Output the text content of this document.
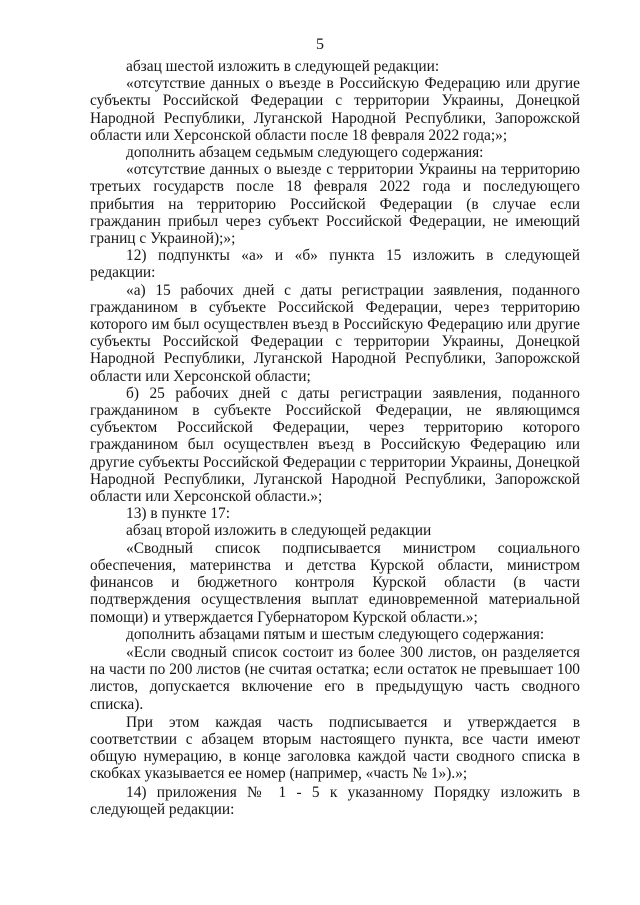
5

абзац шестой изложить в следующей редакции:

«отсутствие данных о въезде в Российскую Федерацию или другие субъекты Российской Федерации с территории Украины, Донецкой Народной Республики, Луганской Народной Республики, Запорожской области или Херсонской области после 18 февраля 2022 года;»;

дополнить абзацем седьмым следующего содержания:

«отсутствие данных о выезде с территории Украины на территорию третьих государств после 18 февраля 2022 года и последующего прибытия на территорию Российской Федерации (в случае если гражданин прибыл через субъект Российской Федерации, не имеющий границ с Украиной);»;

12) подпункты «а» и «б» пункта 15 изложить в следующей редакции:

«а) 15 рабочих дней с даты регистрации заявления, поданного гражданином в субъекте Российской Федерации, через территорию которого им был осуществлен въезд в Российскую Федерацию или другие субъекты Российской Федерации с территории Украины, Донецкой Народной Республики, Луганской Народной Республики, Запорожской области или Херсонской области;

б) 25 рабочих дней с даты регистрации заявления, поданного гражданином в субъекте Российской Федерации, не являющимся субъектом Российской Федерации, через территорию которого гражданином был осуществлен въезд в Российскую Федерацию или другие субъекты Российской Федерации с территории Украины, Донецкой Народной Республики, Луганской Народной Республики, Запорожской области или Херсонской области.»;

13) в пункте 17:

абзац второй изложить в следующей редакции

«Сводный список подписывается министром социального обеспечения, материнства и детства Курской области, министром финансов и бюджетного контроля Курской области (в части подтверждения осуществления выплат единовременной материальной помощи) и утверждается Губернатором Курской области.»;

дополнить абзацами пятым и шестым следующего содержания:

«Если сводный список состоит из более 300 листов, он разделяется на части по 200 листов (не считая остатка; если остаток не превышает 100 листов, допускается включение его в предыдущую часть сводного списка).

При этом каждая часть подписывается и утверждается в соответствии с абзацем вторым настоящего пункта, все части имеют общую нумерацию, в конце заголовка каждой части сводного списка в скобках указывается ее номер (например, «часть № 1»).»;

14) приложения № 1 - 5 к указанному Порядку изложить в следующей редакции:
